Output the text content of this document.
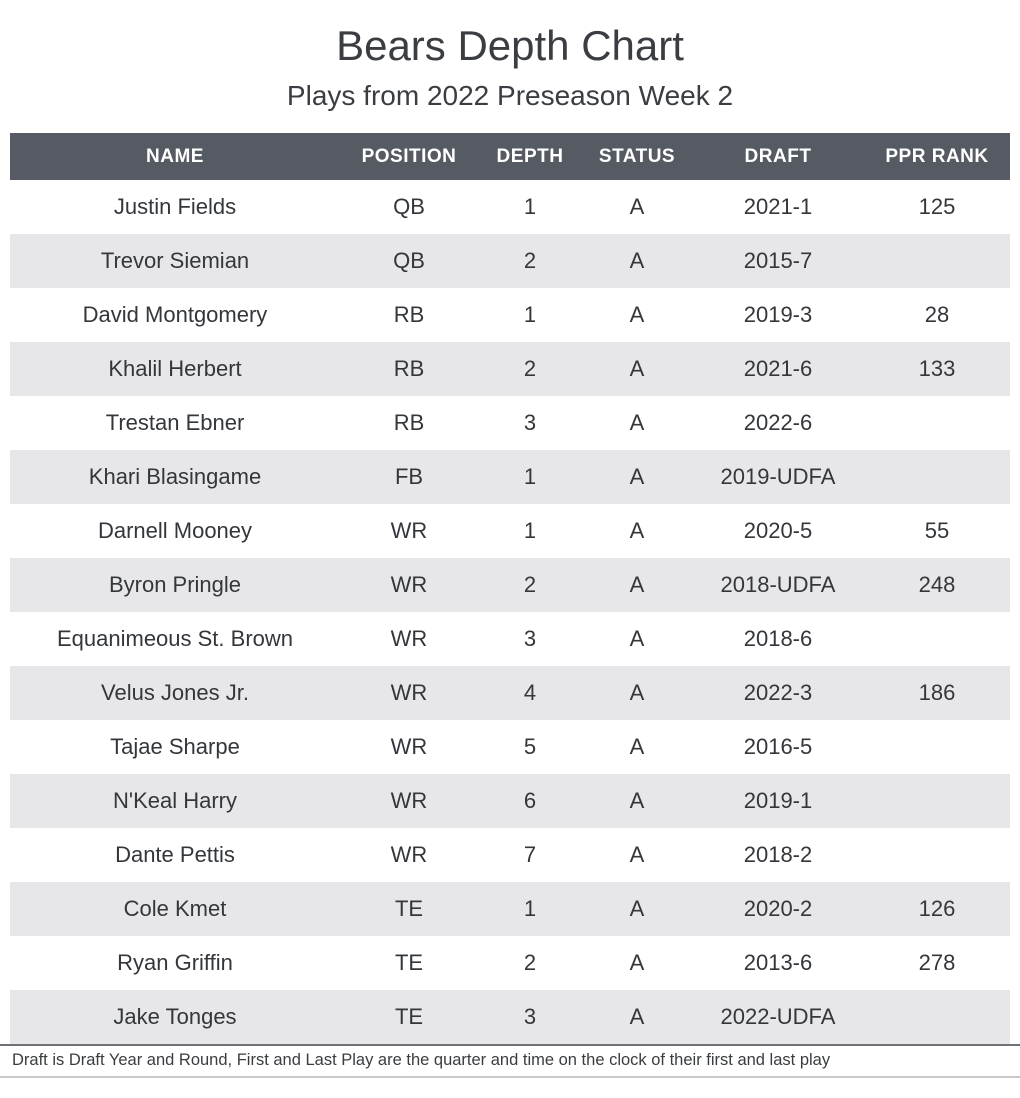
Bears Depth Chart
Plays from 2022 Preseason Week 2
NAME	POSITION	DEPTH	STATUS	DRAFT	PPR RANK
Justin Fields	QB	1	A	2021-1	125
Trevor Siemian	QB	2	A	2015-7	
David Montgomery	RB	1	A	2019-3	28
Khalil Herbert	RB	2	A	2021-6	133
Trestan Ebner	RB	3	A	2022-6	
Khari Blasingame	FB	1	A	2019-UDFA	
Darnell Mooney	WR	1	A	2020-5	55
Byron Pringle	WR	2	A	2018-UDFA	248
Equanimeous St. Brown	WR	3	A	2018-6	
Velus Jones Jr.	WR	4	A	2022-3	186
Tajae Sharpe	WR	5	A	2016-5	
N'Keal Harry	WR	6	A	2019-1	
Dante Pettis	WR	7	A	2018-2	
Cole Kmet	TE	1	A	2020-2	126
Ryan Griffin	TE	2	A	2013-6	278
Jake Tonges	TE	3	A	2022-UDFA	

Draft is Draft Year and Round, First and Last Play are the quarter and time on the clock of their first and last play
